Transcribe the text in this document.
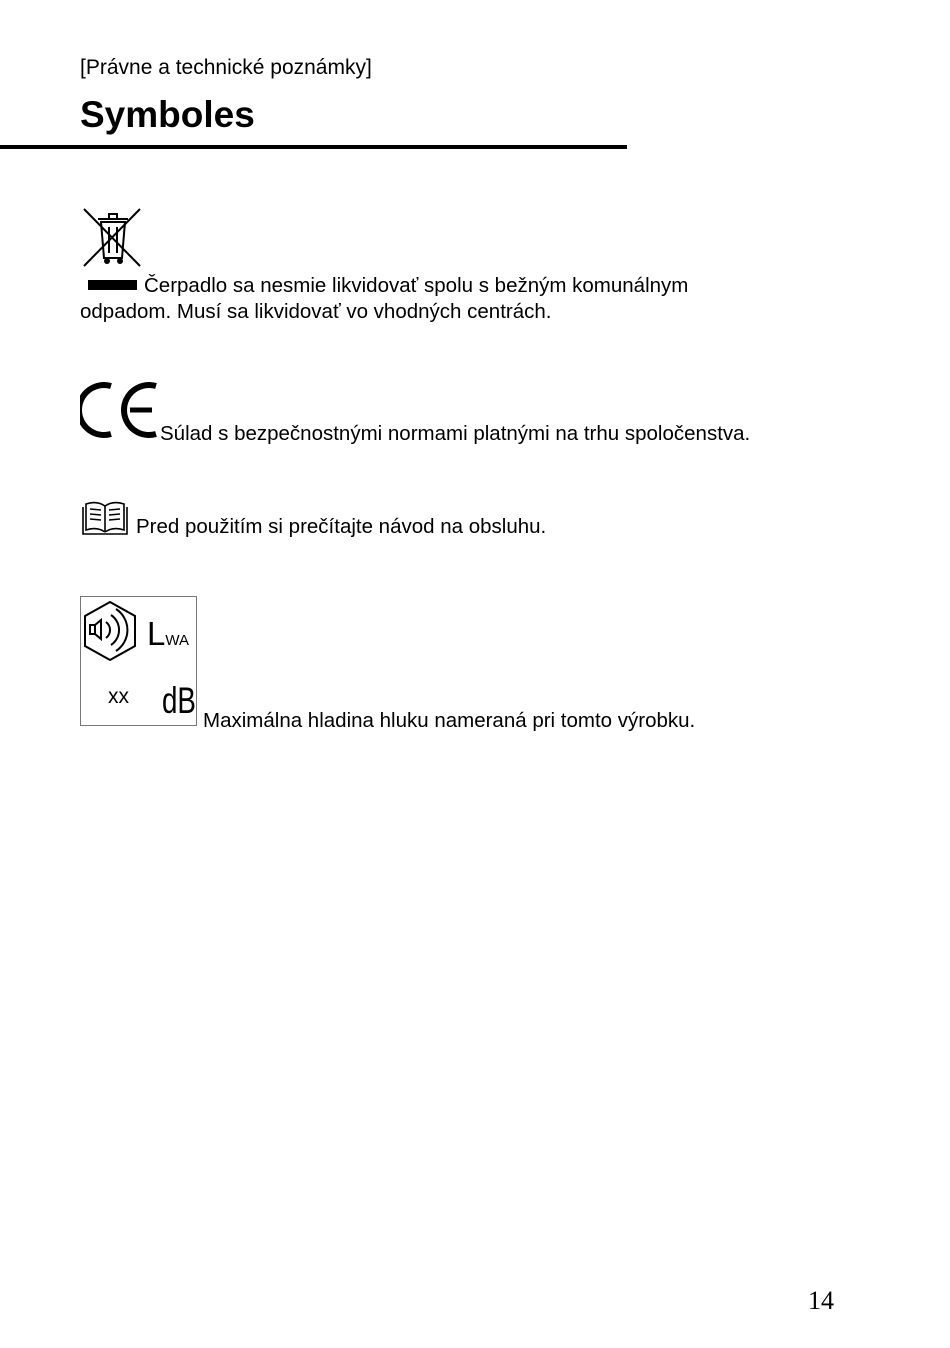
[Právne a technické poznámky]
Symboles
Čerpadlo sa nesmie likvidovať spolu s bežným komunálnym
odpadom. Musí sa likvidovať vo vhodných centrách.
Súlad s bezpečnostnými normami platnými na trhu spoločenstva.
Pred použitím si prečítajte návod na obsluhu.
LWA
xx dB Maximálna hladina hluku nameraná pri tomto výrobku.
14
